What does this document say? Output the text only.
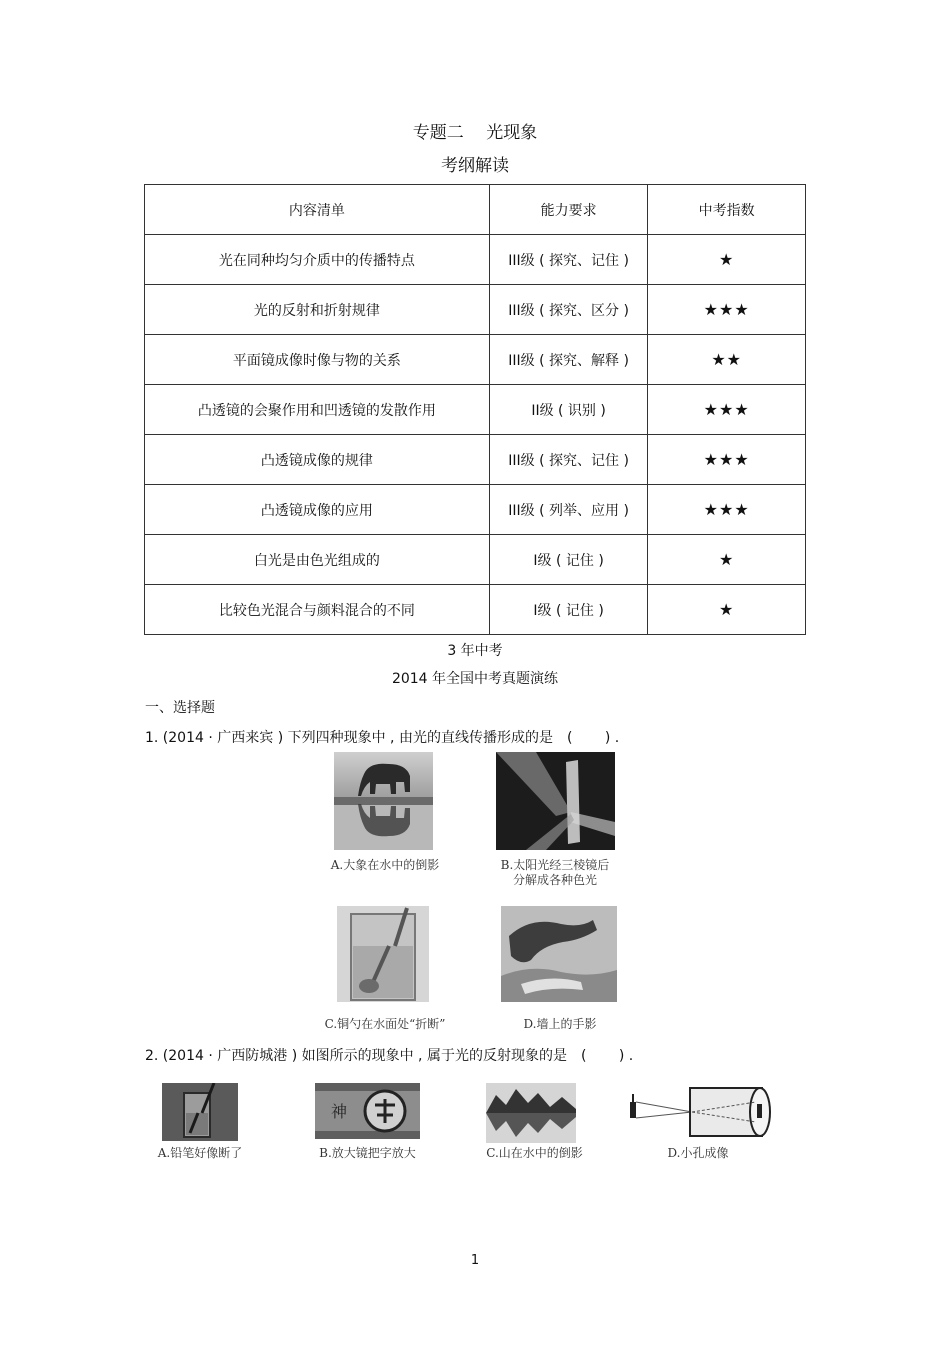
专题二　 光现象
考纲解读
内容清单	能力要求	中考指数
光在同种均匀介质中的传播特点	III级 ( 探究、记住 )	★
光的反射和折射规律	III级 ( 探究、区分 )	★★★
平面镜成像时像与物的关系	III级 ( 探究、解释 )	★★
凸透镜的会聚作用和凹透镜的发散作用	II级 ( 识别 )	★★★
凸透镜成像的规律	III级 ( 探究、记住 )	★★★
凸透镜成像的应用	III级 ( 列举、应用 )	★★★
白光是由色光组成的	I级 ( 记住 )	★
比较色光混合与颜料混合的不同	I级 ( 记住 )	★
3 年中考
2014 年全国中考真题演练
一、选择题
1. (2014 · 广西来宾 ) 下列四种现象中 , 由光的直线传播形成的是　( 　　) .
A.大象在水中的倒影	B.太阳光经三棱镜后
分解成各种色光
C.铜勺在水面处“折断”	D.墙上的手影
2. (2014 · 广西防城港 ) 如图所示的现象中 , 属于光的反射现象的是　( 　　) .
A.铅笔好像断了
神
B.放大镜把字放大	C.山在水中的倒影	D.小孔成像
1
